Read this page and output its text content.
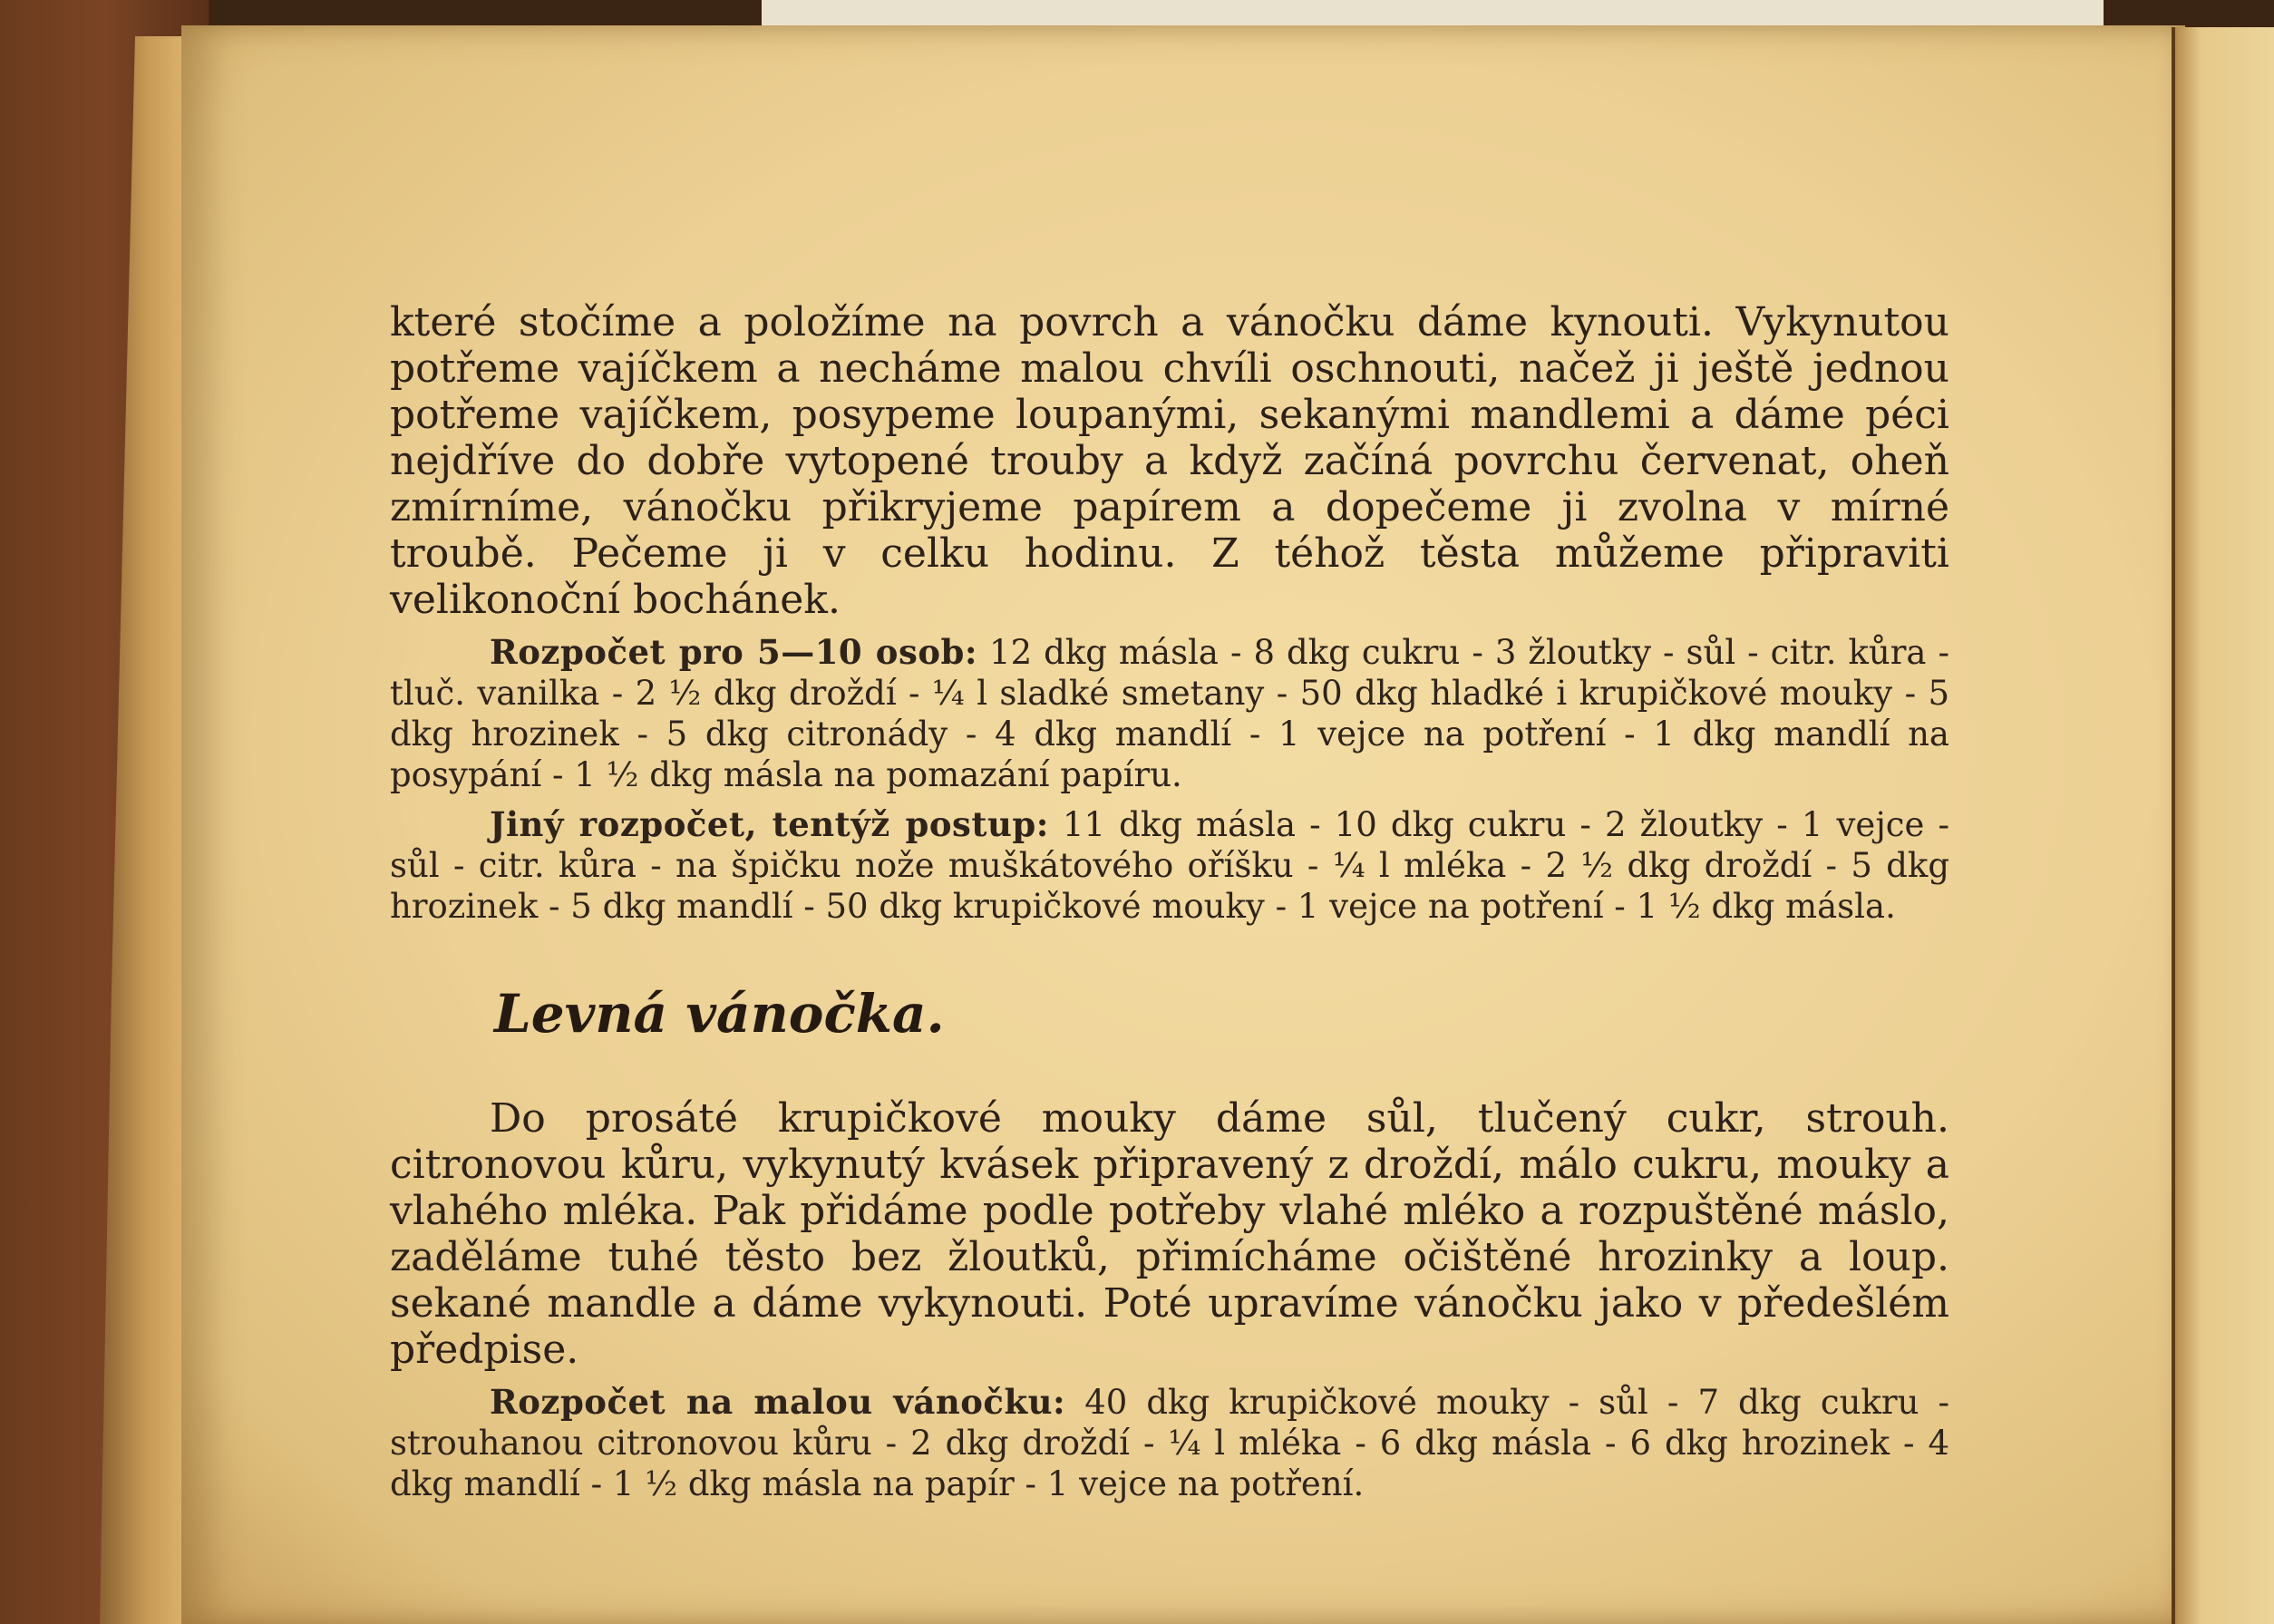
které stočíme a položíme na povrch a vánočku dáme kynouti. Vykynutou potřeme vajíčkem a necháme malou chvíli oschnouti, načež ji ještě jednou potřeme vajíčkem, posypeme loupanými, sekanými mandlemi a dáme péci nejdříve do dobře vytopené trouby a když začíná povrchu červenat, oheň zmírníme, vánočku přikryjeme papírem a dopečeme ji zvolna v mírné troubě. Pečeme ji v celku hodinu. Z téhož těsta můžeme připraviti velikonoční bochánek.

Rozpočet pro 5—10 osob: 12 dkg másla - 8 dkg cukru - 3 žloutky - sůl - citr. kůra - tluč. vanilka - 2 ½ dkg droždí - ¼ l sladké smetany - 50 dkg hladké i krupičkové mouky - 5 dkg hrozinek - 5 dkg citronády - 4 dkg mandlí - 1 vejce na potření - 1 dkg mandlí na posypání - 1 ½ dkg másla na pomazání papíru.

Jiný rozpočet, tentýž postup: 11 dkg másla - 10 dkg cukru - 2 žloutky - 1 vejce - sůl - citr. kůra - na špičku nože muškátového oříšku - ¼ l mléka - 2 ½ dkg droždí - 5 dkg hrozinek - 5 dkg mandlí - 50 dkg krupičkové mouky - 1 vejce na potření - 1 ½ dkg másla.

Levná vánočka.

Do prosáté krupičkové mouky dáme sůl, tlučený cukr, strouh. citronovou kůru, vykynutý kvásek připravený z droždí, málo cukru, mouky a vlahého mléka. Pak přidáme podle potřeby vlahé mléko a rozpuštěné máslo, zaděláme tuhé těsto bez žloutků, přimícháme očištěné hrozinky a loup. sekané mandle a dáme vykynouti. Poté upravíme vánočku jako v předešlém předpise.

Rozpočet na malou vánočku: 40 dkg krupičkové mouky - sůl - 7 dkg cukru - strouhanou citronovou kůru - 2 dkg droždí - ¼ l mléka - 6 dkg másla - 6 dkg hrozinek - 4 dkg mandlí - 1 ½ dkg másla na papír - 1 vejce na potření.
